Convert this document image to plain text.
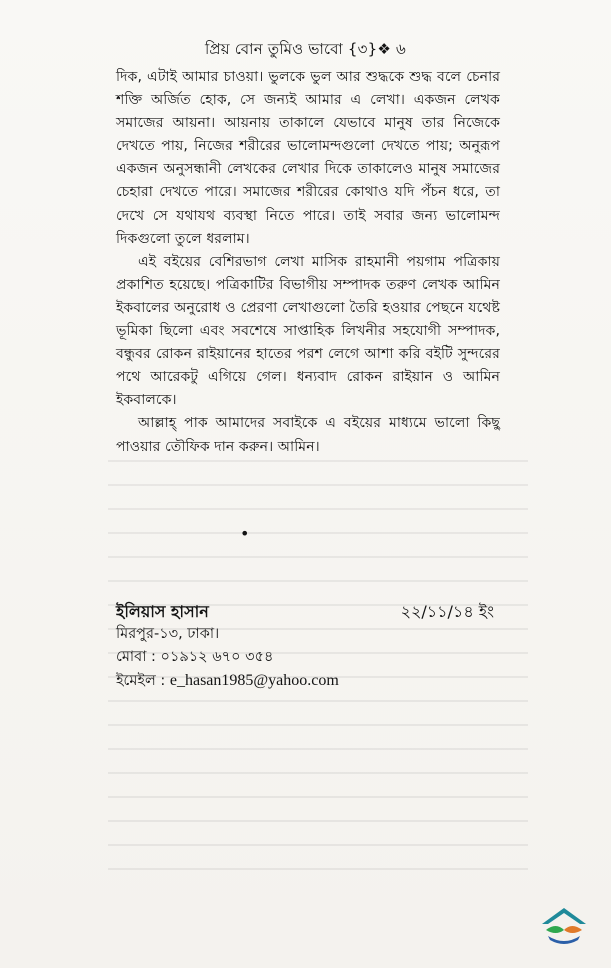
প্রিয় বোন তুমিও ভাবো {৩}❖ ৬

দিক, এটাই আমার চাওয়া। ভুলকে ভুল আর শুদ্ধকে শুদ্ধ বলে চেনার শক্তি অর্জিত হোক, সে জন্যই আমার এ লেখা। একজন লেখক সমাজের আয়না। আয়নায় তাকালে যেভাবে মানুষ তার নিজেকে দেখতে পায়, নিজের শরীরের ভালোমন্দগুলো দেখতে পায়; অনুরূপ একজন অনুসন্ধানী লেখকের লেখার দিকে তাকালেও মানুষ সমাজের চেহারা দেখতে পারে। সমাজের শরীরের কোথাও যদি পঁচন ধরে, তা দেখে সে যথাযথ ব্যবস্থা নিতে পারে। তাই সবার জন্য ভালোমন্দ দিকগুলো তুলে ধরলাম।

এই বইয়ের বেশিরভাগ লেখা মাসিক রাহমানী পয়গাম পত্রিকায় প্রকাশিত হয়েছে। পত্রিকাটির বিভাগীয় সম্পাদক তরুণ লেখক আমিন ইকবালের অনুরোধ ও প্রেরণা লেখাগুলো তৈরি হওয়ার পেছনে যথেষ্ট ভূমিকা ছিলো এবং সবশেষে সাপ্তাহিক লিখনীর সহযোগী সম্পাদক, বন্ধুবর রোকন রাইয়ানের হাতের পরশ লেগে আশা করি বইটি সুন্দরের পথে আরেকটু এগিয়ে গেল। ধন্যবাদ রোকন রাইয়ান ও আমিন ইকবালকে।

আল্লাহ্ পাক আমাদের সবাইকে এ বইয়ের মাধ্যমে ভালো কিছু পাওয়ার তৌফিক দান করুন। আমিন।

•
ইলিয়াস হাসান	২২/১১/১৪ ইং
মিরপুর-১৩, ঢাকা।
মোবা : ০১৯১২ ৬৭০ ৩৫৪
ইমেইল : e_hasan1985@yahoo.com
